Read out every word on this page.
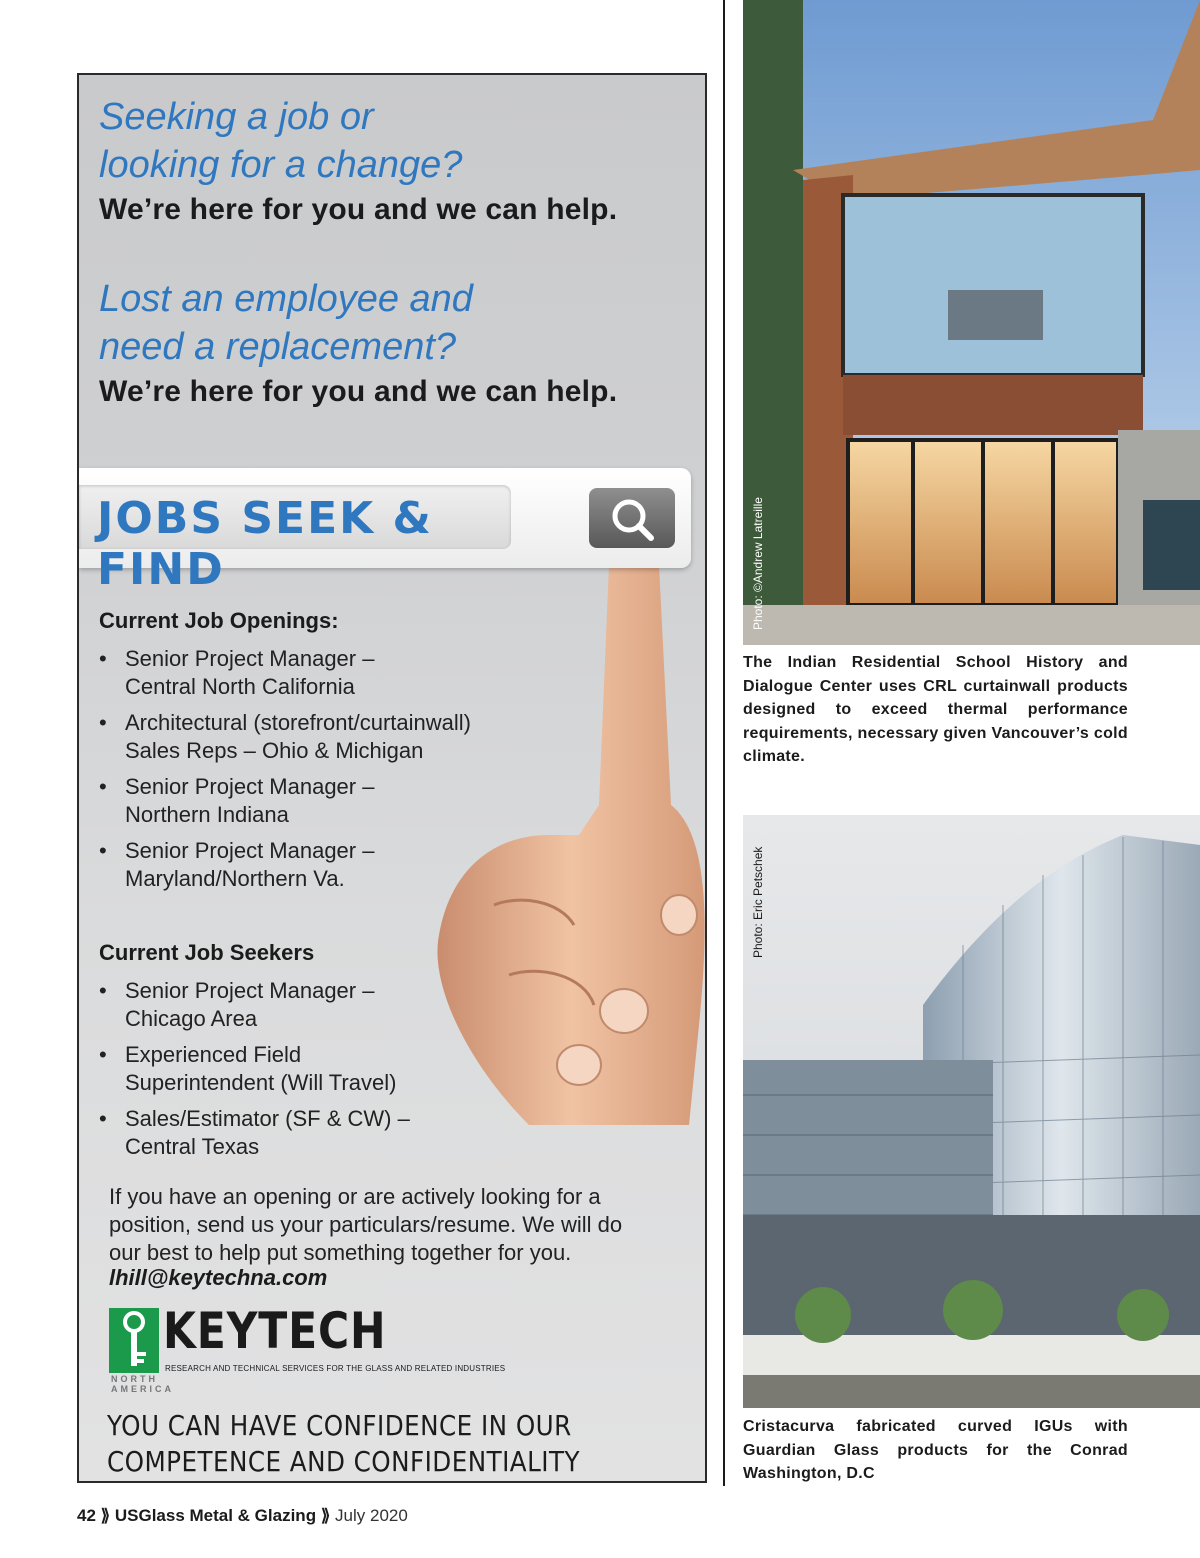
Seeking a job or
looking for a change?
We’re here for you and we can help.
Lost an employee and
need a replacement?
We’re here for you and we can help.
JOBS SEEK & FIND
Current Job Openings:
• Senior Project Manager –
Central North California
• Architectural (storefront/curtainwall)
Sales Reps – Ohio & Michigan
• Senior Project Manager –
Northern Indiana
• Senior Project Manager –
Maryland/Northern Va.
Current Job Seekers
• Senior Project Manager –
Chicago Area
• Experienced Field
Superintendent (Will Travel)
• Sales/Estimator (SF & CW) –
Central Texas
If you have an opening or are actively looking for a position, send us your particulars/resume. We will do our best to help put something together for you.
lhill@keytechna.com
KEYTECH
RESEARCH AND TECHNICAL SERVICES FOR THE GLASS AND RELATED INDUSTRIES
NORTH
AMERICA
YOU CAN HAVE CONFIDENCE IN OUR
COMPETENCE AND CONFIDENTIALITY
Photo: ©Andrew Latreille
The Indian Residential School History and Dialogue Center uses CRL curtainwall products designed to exceed thermal performance requirements, necessary given Vancouver’s cold climate.
Photo: Eric Petschek
Cristacurva fabricated curved IGUs with Guardian Glass products for the Conrad Washington, D.C
42 ⟫ USGlass Metal & Glazing ⟫ July 2020
